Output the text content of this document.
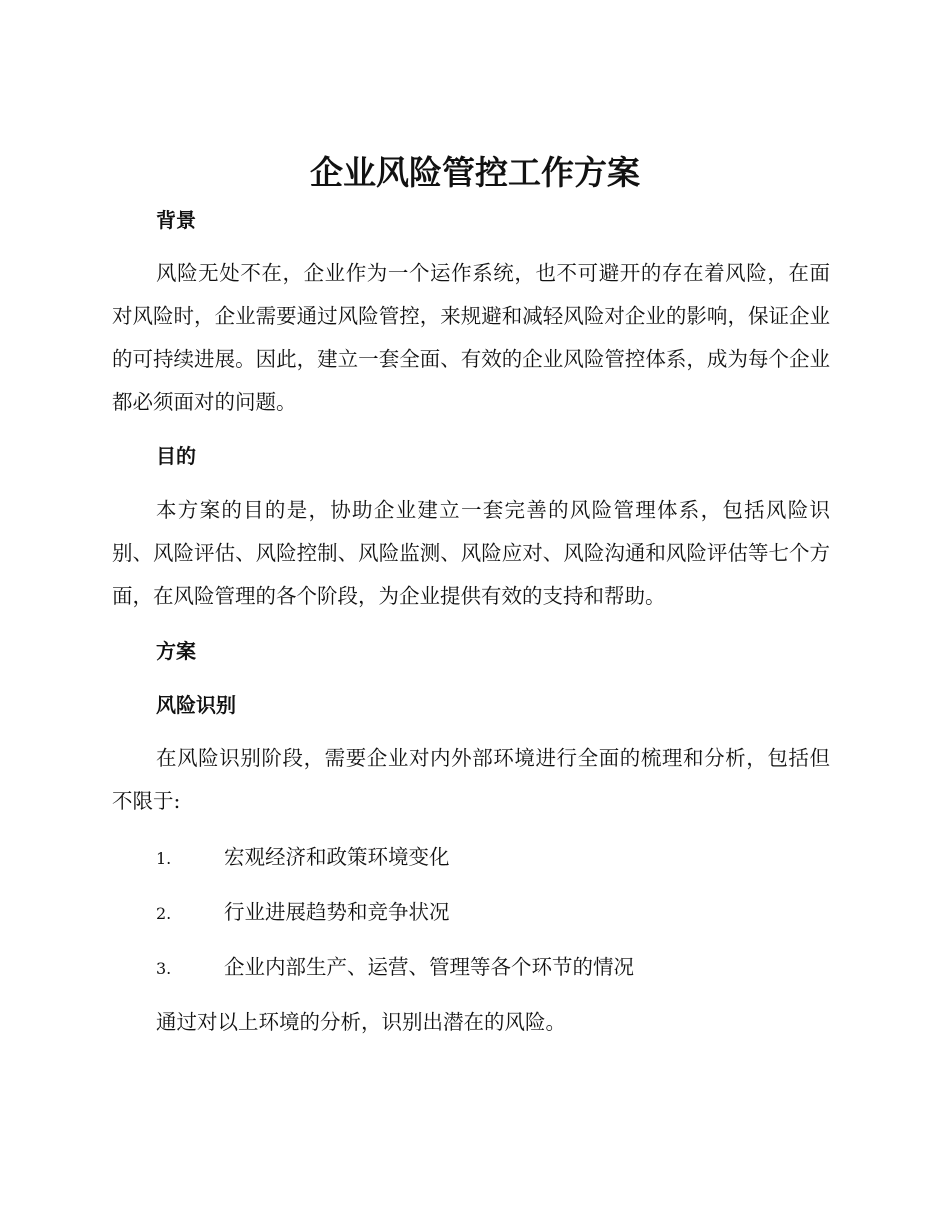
企业风险管控工作方案
背景

风险无处不在，企业作为一个运作系统，也不可避开的存在着风险，在面对风险时，企业需要通过风险管控，来规避和减轻风险对企业的影响，保证企业的可持续进展。因此，建立一套全面、有效的企业风险管控体系，成为每个企业都必须面对的问题。

目的

本方案的目的是，协助企业建立一套完善的风险管理体系，包括风险识别、风险评估、风险控制、风险监测、风险应对、风险沟通和风险评估等七个方面，在风险管理的各个阶段，为企业提供有效的支持和帮助。

方案
风险识别

在风险识别阶段，需要企业对内外部环境进行全面的梳理和分析，包括但不限于:

1.	宏观经济和政策环境变化

2.	行业进展趋势和竞争状况

3.	企业内部生产、运营、管理等各个环节的情况

通过对以上环境的分析，识别出潜在的风险。
